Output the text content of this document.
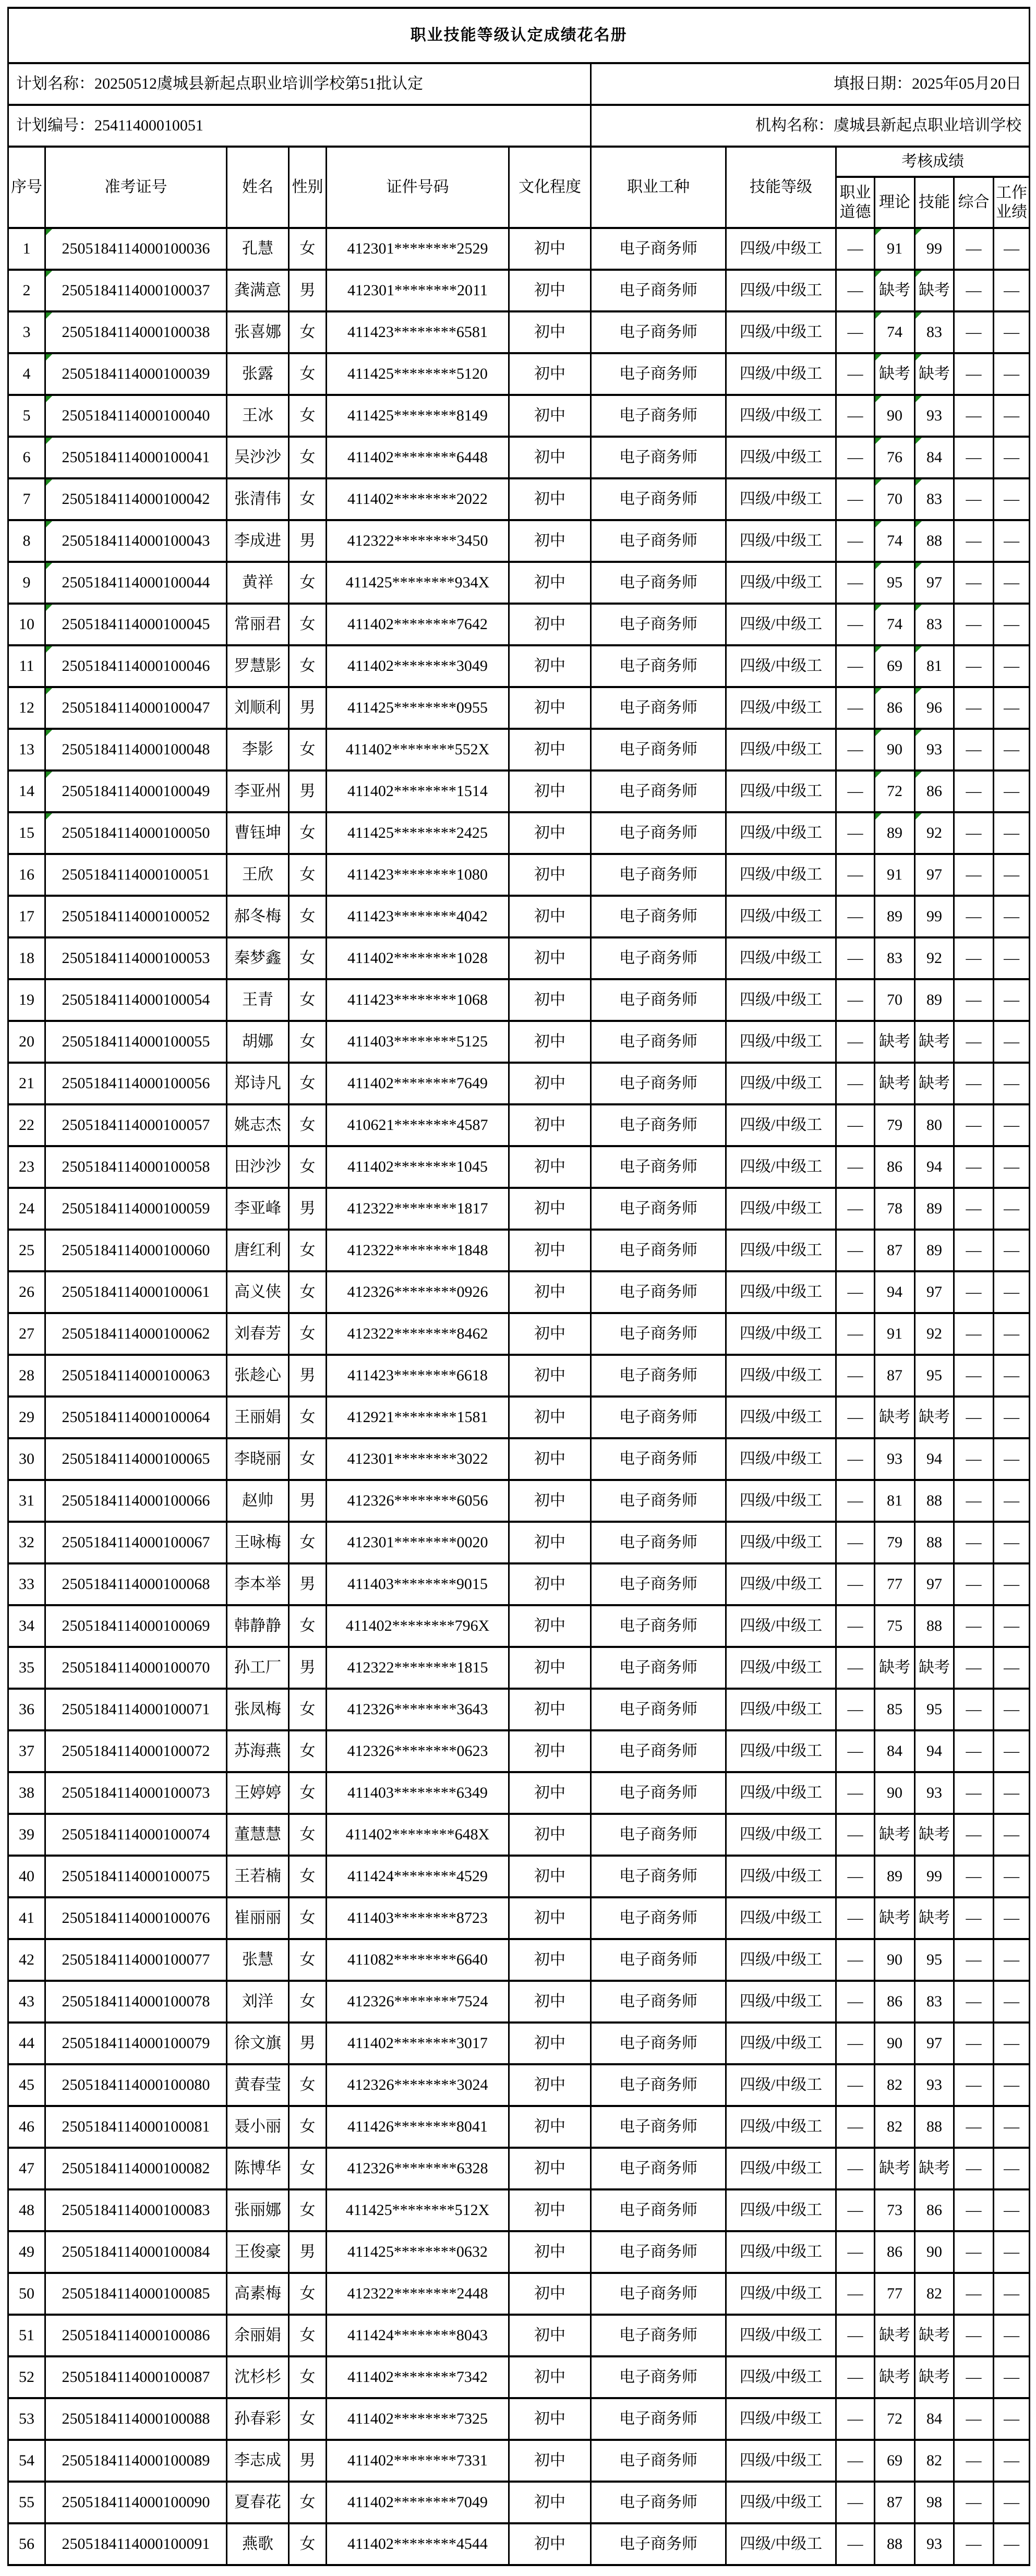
职业技能等级认定成绩花名册												
计划名称：20250512虞城县新起点职业培训学校第51批认定						填报日期：2025年05月20日						
计划编号：25411400010051						机构名称：虞城县新起点职业培训学校						
序号	准考证号	姓名	性别	证件号码	文化程度	职业工种	技能等级	考核成绩				
								职业道德	理论	技能	综合	工作业绩
1	2505184114000100036	孔慧	女	412301********2529	初中	电子商务师	四级/中级工	—	91	99	—	—
2	2505184114000100037	龚满意	男	412301********2011	初中	电子商务师	四级/中级工	—	缺考	缺考	—	—
3	2505184114000100038	张喜娜	女	411423********6581	初中	电子商务师	四级/中级工	—	74	83	—	—
4	2505184114000100039	张露	女	411425********5120	初中	电子商务师	四级/中级工	—	缺考	缺考	—	—
5	2505184114000100040	王冰	女	411425********8149	初中	电子商务师	四级/中级工	—	90	93	—	—
6	2505184114000100041	吴沙沙	女	411402********6448	初中	电子商务师	四级/中级工	—	76	84	—	—
7	2505184114000100042	张清伟	女	411402********2022	初中	电子商务师	四级/中级工	—	70	83	—	—
8	2505184114000100043	李成进	男	412322********3450	初中	电子商务师	四级/中级工	—	74	88	—	—
9	2505184114000100044	黄祥	女	411425********934X	初中	电子商务师	四级/中级工	—	95	97	—	—
10	2505184114000100045	常丽君	女	411402********7642	初中	电子商务师	四级/中级工	—	74	83	—	—
11	2505184114000100046	罗慧影	女	411402********3049	初中	电子商务师	四级/中级工	—	69	81	—	—
12	2505184114000100047	刘顺利	男	411425********0955	初中	电子商务师	四级/中级工	—	86	96	—	—
13	2505184114000100048	李影	女	411402********552X	初中	电子商务师	四级/中级工	—	90	93	—	—
14	2505184114000100049	李亚州	男	411402********1514	初中	电子商务师	四级/中级工	—	72	86	—	—
15	2505184114000100050	曹钰坤	女	411425********2425	初中	电子商务师	四级/中级工	—	89	92	—	—
16	2505184114000100051	王欣	女	411423********1080	初中	电子商务师	四级/中级工	—	91	97	—	—
17	2505184114000100052	郝冬梅	女	411423********4042	初中	电子商务师	四级/中级工	—	89	99	—	—
18	2505184114000100053	秦梦鑫	女	411402********1028	初中	电子商务师	四级/中级工	—	83	92	—	—
19	2505184114000100054	王青	女	411423********1068	初中	电子商务师	四级/中级工	—	70	89	—	—
20	2505184114000100055	胡娜	女	411403********5125	初中	电子商务师	四级/中级工	—	缺考	缺考	—	—
21	2505184114000100056	郑诗凡	女	411402********7649	初中	电子商务师	四级/中级工	—	缺考	缺考	—	—
22	2505184114000100057	姚志杰	女	410621********4587	初中	电子商务师	四级/中级工	—	79	80	—	—
23	2505184114000100058	田沙沙	女	411402********1045	初中	电子商务师	四级/中级工	—	86	94	—	—
24	2505184114000100059	李亚峰	男	412322********1817	初中	电子商务师	四级/中级工	—	78	89	—	—
25	2505184114000100060	唐红利	女	412322********1848	初中	电子商务师	四级/中级工	—	87	89	—	—
26	2505184114000100061	高义侠	女	412326********0926	初中	电子商务师	四级/中级工	—	94	97	—	—
27	2505184114000100062	刘春芳	女	412322********8462	初中	电子商务师	四级/中级工	—	91	92	—	—
28	2505184114000100063	张趁心	男	411423********6618	初中	电子商务师	四级/中级工	—	87	95	—	—
29	2505184114000100064	王丽娟	女	412921********1581	初中	电子商务师	四级/中级工	—	缺考	缺考	—	—
30	2505184114000100065	李晓丽	女	412301********3022	初中	电子商务师	四级/中级工	—	93	94	—	—
31	2505184114000100066	赵帅	男	412326********6056	初中	电子商务师	四级/中级工	—	81	88	—	—
32	2505184114000100067	王咏梅	女	412301********0020	初中	电子商务师	四级/中级工	—	79	88	—	—
33	2505184114000100068	李本举	男	411403********9015	初中	电子商务师	四级/中级工	—	77	97	—	—
34	2505184114000100069	韩静静	女	411402********796X	初中	电子商务师	四级/中级工	—	75	88	—	—
35	2505184114000100070	孙工厂	男	412322********1815	初中	电子商务师	四级/中级工	—	缺考	缺考	—	—
36	2505184114000100071	张凤梅	女	412326********3643	初中	电子商务师	四级/中级工	—	85	95	—	—
37	2505184114000100072	苏海燕	女	412326********0623	初中	电子商务师	四级/中级工	—	84	94	—	—
38	2505184114000100073	王婷婷	女	411403********6349	初中	电子商务师	四级/中级工	—	90	93	—	—
39	2505184114000100074	董慧慧	女	411402********648X	初中	电子商务师	四级/中级工	—	缺考	缺考	—	—
40	2505184114000100075	王若楠	女	411424********4529	初中	电子商务师	四级/中级工	—	89	99	—	—
41	2505184114000100076	崔丽丽	女	411403********8723	初中	电子商务师	四级/中级工	—	缺考	缺考	—	—
42	2505184114000100077	张慧	女	411082********6640	初中	电子商务师	四级/中级工	—	90	95	—	—
43	2505184114000100078	刘洋	女	412326********7524	初中	电子商务师	四级/中级工	—	86	83	—	—
44	2505184114000100079	徐文旗	男	411402********3017	初中	电子商务师	四级/中级工	—	90	97	—	—
45	2505184114000100080	黄春莹	女	412326********3024	初中	电子商务师	四级/中级工	—	82	93	—	—
46	2505184114000100081	聂小丽	女	411426********8041	初中	电子商务师	四级/中级工	—	82	88	—	—
47	2505184114000100082	陈博华	女	412326********6328	初中	电子商务师	四级/中级工	—	缺考	缺考	—	—
48	2505184114000100083	张丽娜	女	411425********512X	初中	电子商务师	四级/中级工	—	73	86	—	—
49	2505184114000100084	王俊豪	男	411425********0632	初中	电子商务师	四级/中级工	—	86	90	—	—
50	2505184114000100085	高素梅	女	412322********2448	初中	电子商务师	四级/中级工	—	77	82	—	—
51	2505184114000100086	余丽娟	女	411424********8043	初中	电子商务师	四级/中级工	—	缺考	缺考	—	—
52	2505184114000100087	沈杉杉	女	411402********7342	初中	电子商务师	四级/中级工	—	缺考	缺考	—	—
53	2505184114000100088	孙春彩	女	411402********7325	初中	电子商务师	四级/中级工	—	72	84	—	—
54	2505184114000100089	李志成	男	411402********7331	初中	电子商务师	四级/中级工	—	69	82	—	—
55	2505184114000100090	夏春花	女	411402********7049	初中	电子商务师	四级/中级工	—	87	98	—	—
56	2505184114000100091	燕歌	女	411402********4544	初中	电子商务师	四级/中级工	—	88	93	—	—
